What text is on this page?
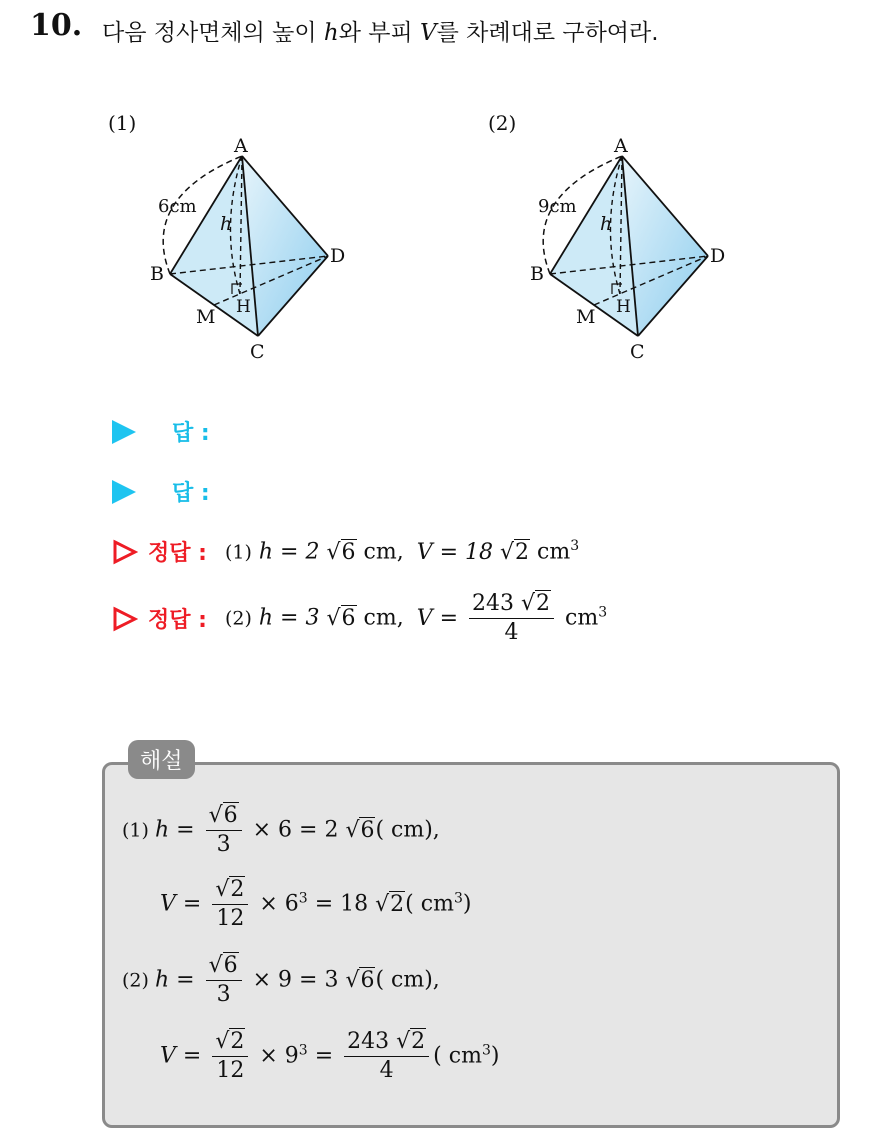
10. 다음 정사면체의 높이 h와 부피 V를 차례대로 구하여라.
(1)
A
B
C
D
H
M
h
6cm
(2)
A
B
C
D
H
M
h
9cm
답 :
답 :
정답 : (1) h = 2 √6 cm, V = 18 √2 $cm^3$
정답 : (2) h = 3 √6 cm, $V = \frac{243 √2}{4} cm^3$
해설
(1) $h = \frac{√6}{3} \times 6 = 2$ √6( cm),
$V = \frac{√2}{12} \times 6^3 = 18$ √2( $cm^3$)
(2) $h = \frac{√6}{3} \times 9 = 3$ √6( cm),
$V = \frac{√2}{12} \times 9^3 = \frac{243 √2}{4}$ ( $cm^3$)
